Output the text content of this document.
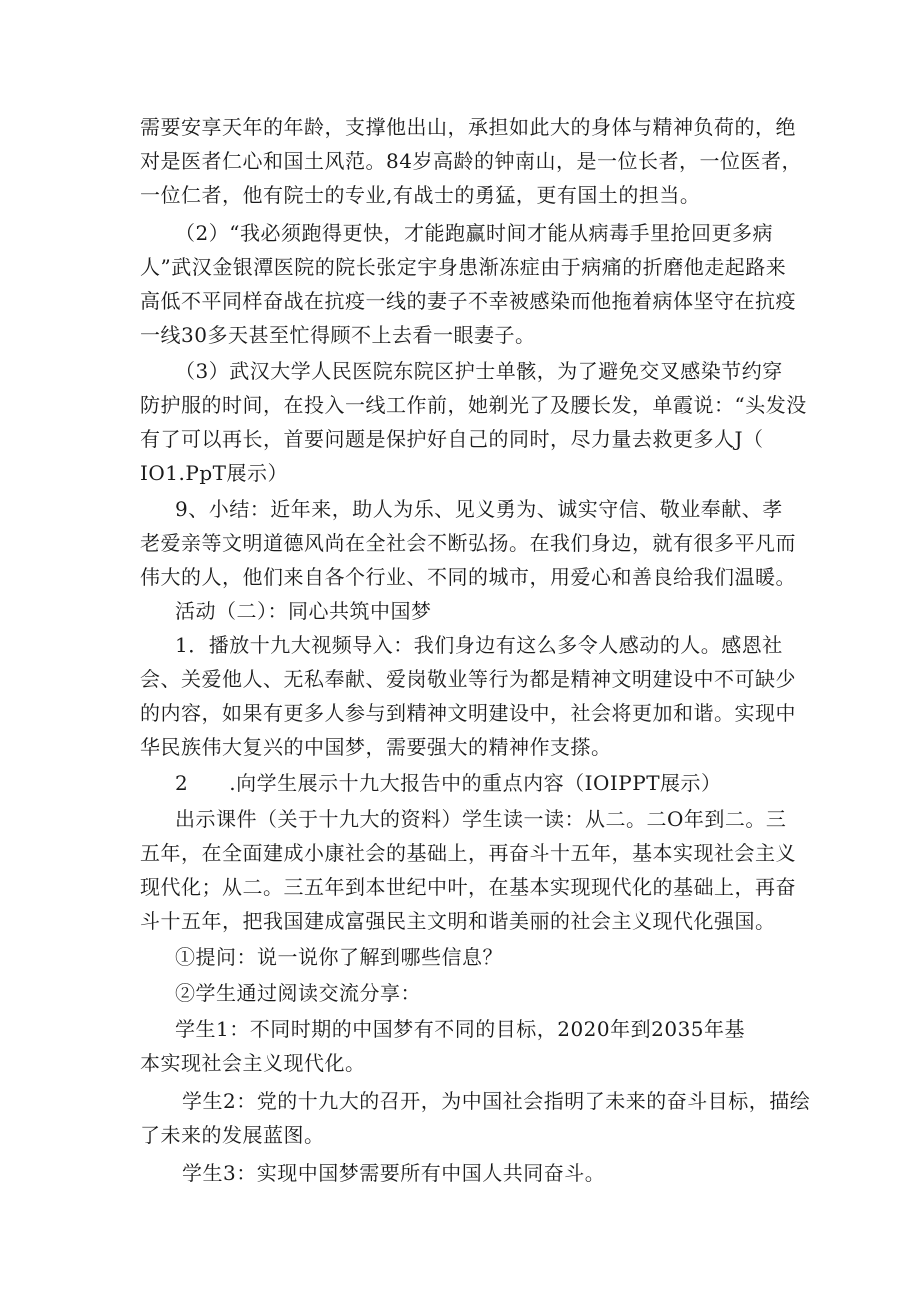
需要安享天年的年龄，支撑他出山，承担如此大的身体与精神负荷的，绝
对是医者仁心和国土风范。84岁高龄的钟南山，是一位长者，一位医者，
一位仁者，他有院士的专业,有战士的勇猛，更有国土的担当。
（2）“我必须跑得更快，才能跑赢时间才能从病毒手里抢回更多病
人”武汉金银潭医院的院长张定宇身患渐冻症由于病痛的折磨他走起路来
高低不平同样奋战在抗疫一线的妻子不幸被感染而他拖着病体坚守在抗疫
一线30多天甚至忙得顾不上去看一眼妻子。
（3）武汉大学人民医院东院区护士单骸，为了避免交叉感染节约穿
防护服的时间，在投入一线工作前，她剃光了及腰长发，单霞说：“头发没
有了可以再长，首要问题是保护好自己的同时，尽力量去救更多人J（
IO1.PpT展示）
9、小结：近年来，助人为乐、见义勇为、诚实守信、敬业奉献、孝
老爱亲等文明道德风尚在全社会不断弘扬。在我们身边，就有很多平凡而
伟大的人，他们来自各个行业、不同的城市，用爱心和善良给我们温暖。
活动（二）：同心共筑中国梦
1．播放十九大视频导入：我们身边有这么多令人感动的人。感恩社
会、关爱他人、无私奉献、爱岗敬业等行为都是精神文明建设中不可缺少
的内容，如果有更多人参与到精神文明建设中，社会将更加和谐。实现中
华民族伟大复兴的中国梦，需要强大的精神作支搽。
2　　.向学生展示十九大报告中的重点内容（IOIPPT展示）
出示课件（关于十九大的资料）学生读一读：从二。二O年到二。三
五年，在全面建成小康社会的基础上，再奋斗十五年，基本实现社会主义
现代化；从二。三五年到本世纪中叶，在基本实现现代化的基础上，再奋
斗十五年，把我国建成富强民主文明和谐美丽的社会主义现代化强国。
①提问：说一说你了解到哪些信息？
②学生通过阅读交流分享：
学生1：不同时期的中国梦有不同的目标，2020年到2035年基
本实现社会主义现代化。
学生2：党的十九大的召开，为中国社会指明了未来的奋斗目标，描绘
了未来的发展蓝图。
学生3：实现中国梦需要所有中国人共同奋斗。
